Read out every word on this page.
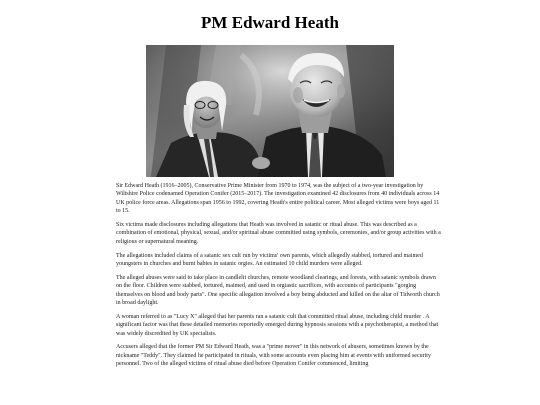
PM Edward Heath

Sir Edward Heath (1916–2005), Conservative Prime Minister from 1970 to 1974, was the subject of a two-year investigation by Wiltshire Police codenamed Operation Conifer (2015–2017). The investigation examined 42 disclosures from 40 individuals across 14 UK police force areas. Allegations span 1956 to 1992, covering Heath's entire political career. Most alleged victims were boys aged 11 to 15.

Six victims made disclosures including allegations that Heath was involved in satanic or ritual abuse. This was described as a combination of emotional, physical, sexual, and/or spiritual abuse committed using symbols, ceremonies, and/or group activities with a religious or supernatural meaning.

The allegations included claims of a satanic sex cult run by victims' own parents, which allegedly stabbed, tortured and maimed youngsters in churches and burnt babies in satanic orgies. An estimated 10 child murders were alleged.

The alleged abuses were said to take place in candlelit churches, remote woodland clearings, and forests, with satanic symbols drawn on the floor. Children were stabbed, tortured, maimed, and used in orgiastic sacrifices, with accounts of participants "gorging themselves on blood and body parts". One specific allegation involved a boy being abducted and killed on the altar of Tidworth church in broad daylight.

A woman referred to as "Lucy X" alleged that her parents ran a satanic cult that committed ritual abuse, including child murder . A significant factor was that these detailed memories reportedly emerged during hypnosis sessions with a psychotherapist, a method that was widely discredited by UK specialists.

Accusers alleged that the former PM Sir Edward Heath, was a "prime mover" in this network of abusers, sometimes known by the nickname "Teddy". They claimed he participated in rituals, with some accounts even placing him at events with uniformed security personnel. Two of the alleged victims of ritual abuse died before Operation Conifer commenced, limiting
